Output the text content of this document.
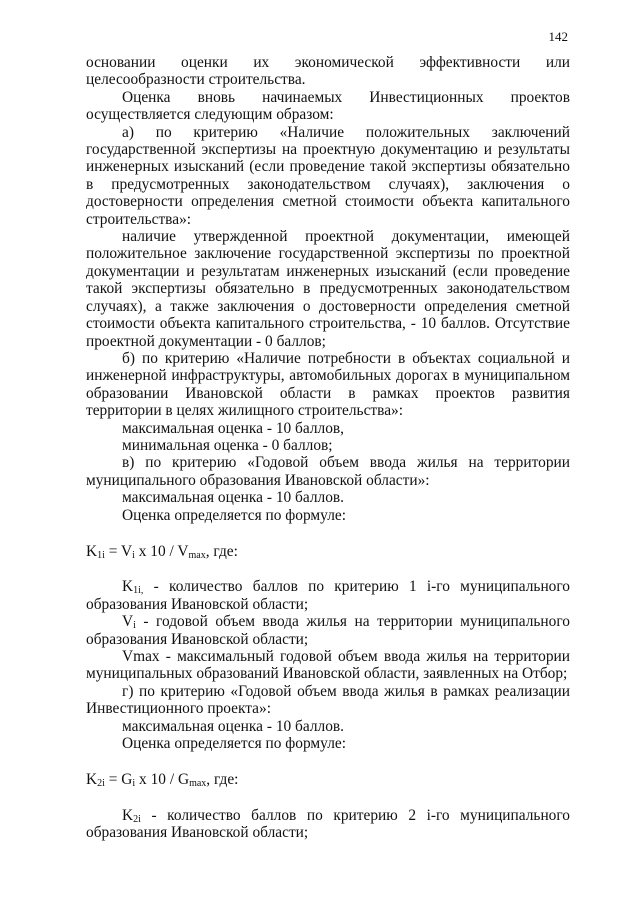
142

основании оценки их экономической эффективности или целесообразности строительства.

Оценка вновь начинаемых Инвестиционных проектов осуществляется следующим образом:

а) по критерию «Наличие положительных заключений государственной экспертизы на проектную документацию и результаты инженерных изысканий (если проведение такой экспертизы обязательно в предусмотренных законодательством случаях), заключения о достоверности определения сметной стоимости объекта капитального строительства»:

наличие утвержденной проектной документации, имеющей положительное заключение государственной экспертизы по проектной документации и результатам инженерных изысканий (если проведение такой экспертизы обязательно в предусмотренных законодательством случаях), а также заключения о достоверности определения сметной стоимости объекта капитального строительства, - 10 баллов. Отсутствие проектной документации - 0 баллов;

б) по критерию «Наличие потребности в объектах социальной и инженерной инфраструктуры, автомобильных дорогах в муниципальном образовании Ивановской области в рамках проектов развития территории в целях жилищного строительства»:

максимальная оценка - 10 баллов,

минимальная оценка - 0 баллов;

в) по критерию «Годовой объем ввода жилья на территории муниципального образования Ивановской области»:

максимальная оценка - 10 баллов.

Оценка определяется по формуле:

$K_{1i} = V_i$ x $10 / V_{max}$, где:

$K_{1i,}$ - количество баллов по критерию 1 i-го муниципального образования Ивановской области;

$V_i$ - годовой объем ввода жилья на территории муниципального образования Ивановской области;

Vmax - максимальный годовой объем ввода жилья на территории муниципальных образований Ивановской области, заявленных на Отбор;

г) по критерию «Годовой объем ввода жилья в рамках реализации Инвестиционного проекта»:

максимальная оценка - 10 баллов.

Оценка определяется по формуле:

$K_{2i} = G_i$ x $10 / G_{max}$, где:

$K_{2i}$ - количество баллов по критерию 2 i-го муниципального образования Ивановской области;
